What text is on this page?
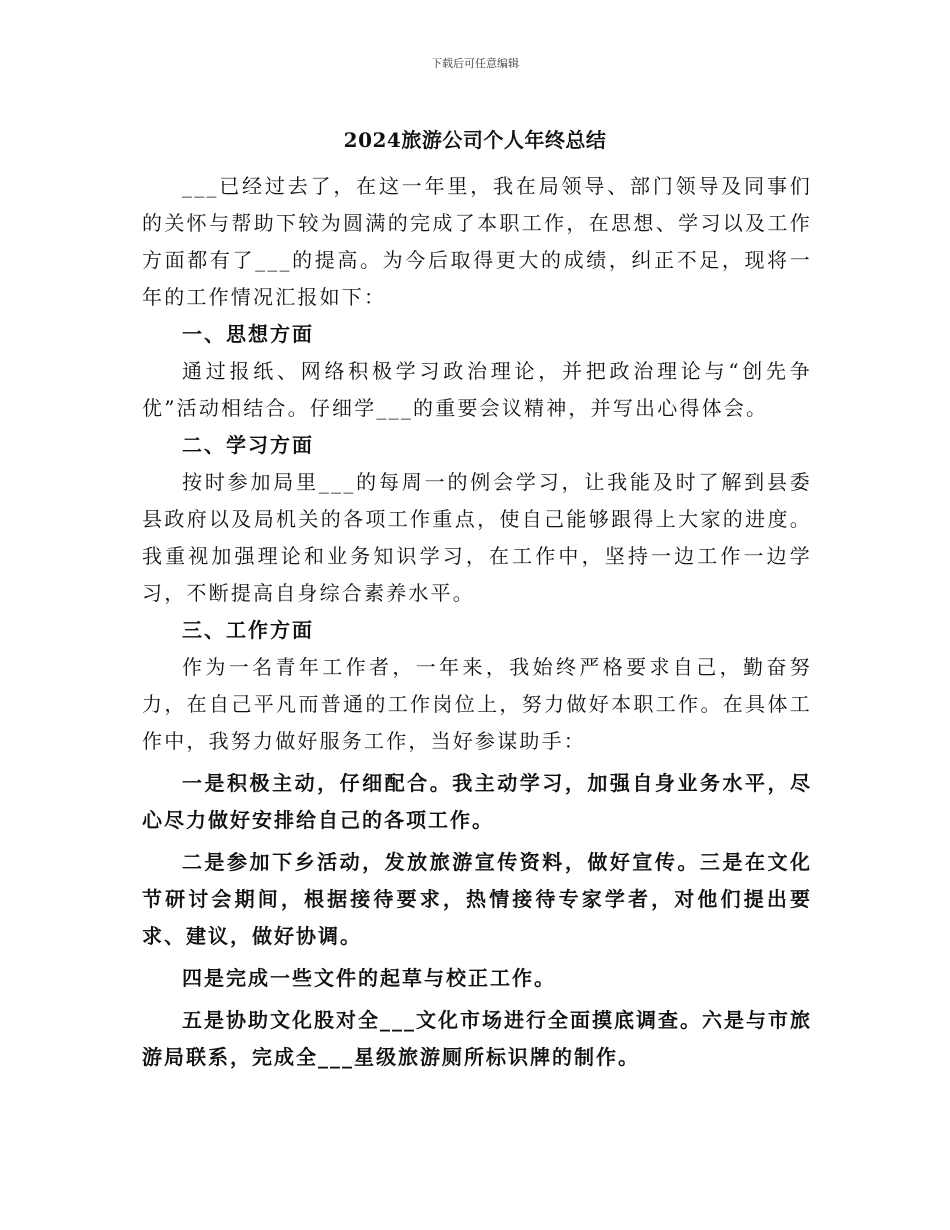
下载后可任意编辑
2024旅游公司个人年终总结

___已经过去了，在这一年里，我在局领导、部门领导及同事们的关怀与帮助下较为圆满的完成了本职工作，在思想、学习以及工作方面都有了___的提高。为今后取得更大的成绩，纠正不足，现将一年的工作情况汇报如下：

一、思想方面

通过报纸、网络积极学习政治理论，并把政治理论与“创先争优”活动相结合。仔细学___的重要会议精神，并写出心得体会。

二、学习方面

按时参加局里___的每周一的例会学习，让我能及时了解到县委县政府以及局机关的各项工作重点，使自己能够跟得上大家的进度。我重视加强理论和业务知识学习，在工作中，坚持一边工作一边学习，不断提高自身综合素养水平。

三、工作方面

作为一名青年工作者，一年来，我始终严格要求自己，勤奋努力，在自己平凡而普通的工作岗位上，努力做好本职工作。在具体工作中，我努力做好服务工作，当好参谋助手：

一是积极主动，仔细配合。我主动学习，加强自身业务水平，尽心尽力做好安排给自己的各项工作。

二是参加下乡活动，发放旅游宣传资料，做好宣传。三是在文化节研讨会期间，根据接待要求，热情接待专家学者，对他们提出要求、建议，做好协调。

四是完成一些文件的起草与校正工作。

五是协助文化股对全___文化市场进行全面摸底调查。六是与市旅游局联系，完成全___星级旅游厕所标识牌的制作。
